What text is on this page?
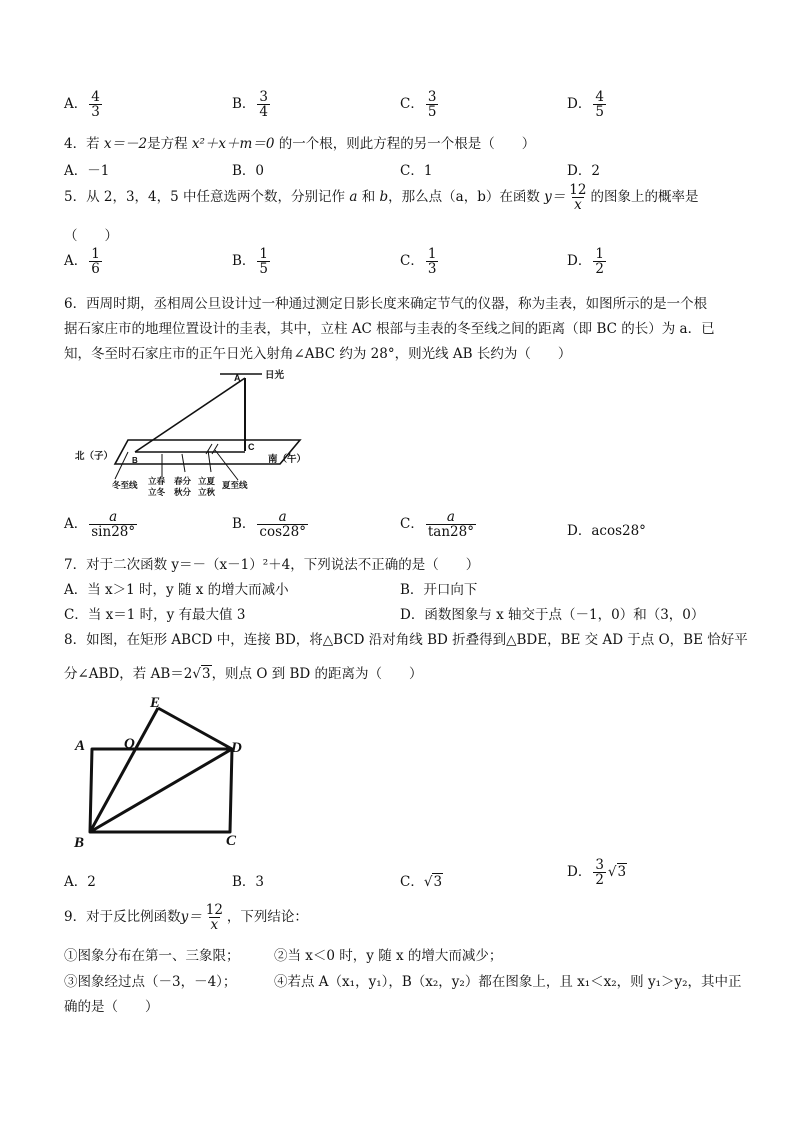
A． $\frac{4}{3}$	B． $\frac{3}{4}$	C． $\frac{3}{5}$	D． $\frac{4}{5}$
4．若 x＝－2是方程 x²＋x＋m＝0 的一个根，则此方程的另一个根是（　　）
A．－1	B．0	C．1	D．2
5．从 2，3，4，5 中任意选两个数，分别记作 a 和 b，那么点（a，b）在函数 $y= \frac{12}{x}$ 的图象上的概率是
（　　）
A． $\frac{1}{6}$	B． $\frac{1}{5}$	C． $\frac{1}{3}$	D． $\frac{1}{2}$
6．西周时期，丞相周公旦设计过一种通过测定日影长度来确定节气的仪器，称为圭表，如图所示的是一个根
据石家庄市的地理位置设计的圭表，其中，立柱 AC 根部与圭表的冬至线之间的距离（即 BC 的长）为 a．已
知，冬至时石家庄市的正午日光入射角∠ABC 约为 28°，则光线 AB 长约为（　　）
A	日光
C
B
北（子）	南（午）
冬至线 立春
立冬
春分
秋分
立夏
立秋
夏至线
A． $\frac{a}{\sin 28^\circ}$	B． $\frac{a}{\cos 28^\circ}$	C． $\frac{a}{\tan 28^\circ}$	D．acos28°
7．对于二次函数 y＝－（x－1）²＋4，下列说法不正确的是（　　）
A．当 x＞1 时，y 随 x 的增大而减小	B．开口向下
C．当 x＝1 时，y 有最大值 3	D．函数图象与 x 轴交于点（－1，0）和（3，0）
8．如图，在矩形 ABCD 中，连接 BD，将△BCD 沿对角线 BD 折叠得到△BDE，BE 交 AD 于点 O，BE 恰好平
分∠ABD，若 AB＝2√3，则点 O 到 BD 的距离为（　　）
A
B	C
D
E
O
A．2	B．3	C．√3
D． $\frac{3}{2} √3$
9．对于反比例函数$y= \frac{12}{x}$ ，下列结论：
①图象分布在第一、三象限；	②当 x＜0 时，y 随 x 的增大而减少；
③图象经过点（－3，－4）；	④若点 A（x₁，y₁），B（x₂，y₂）都在图象上，且 x₁＜x₂，则 y₁＞y₂，其中正
确的是（　　）
